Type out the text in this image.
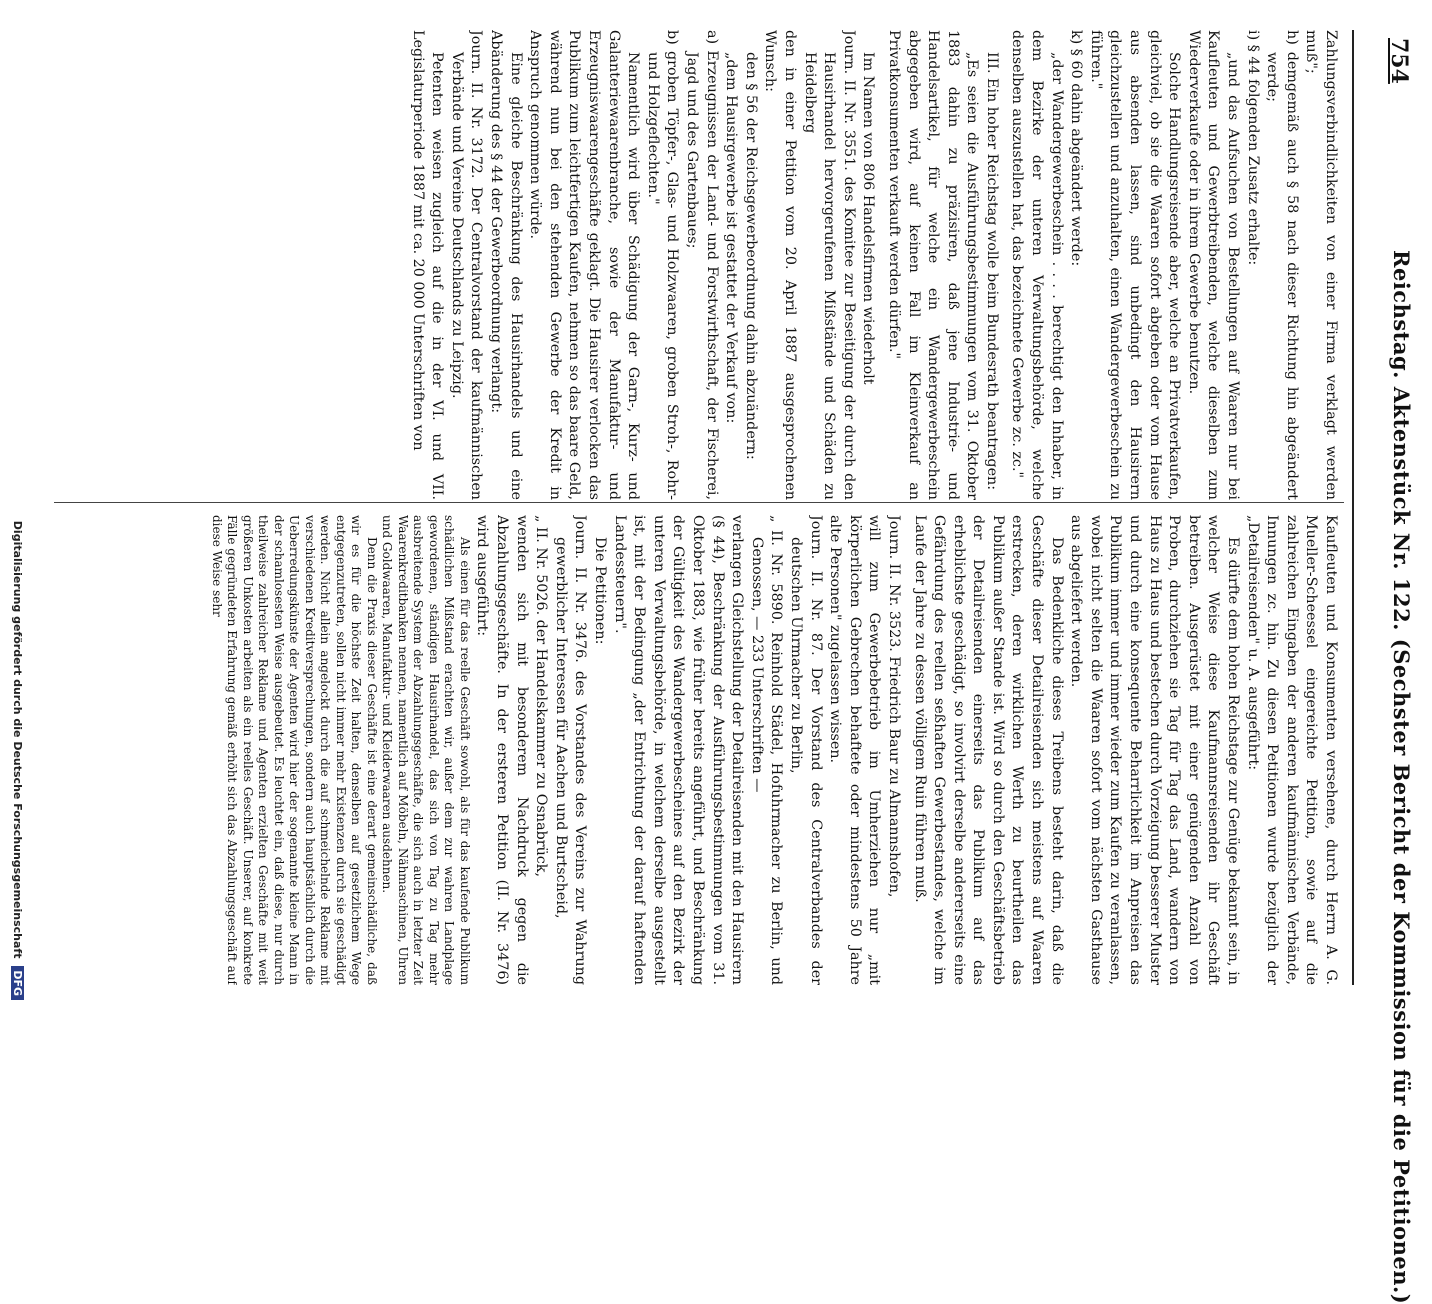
754
Reichstag. Aktenstück Nr. 122. (Sechster Bericht der Kommission für die Petitionen.)

Zahlungsverbindlichkeiten von einer Firma verklagt werden muß";

h) demgemäß auch § 58 nach dieser Richtung hin abgeändert werde;

i) § 44 folgenden Zusatz erhalte:

„und das Aufsuchen von Bestellungen auf Waaren nur bei Kaufleuten und Gewerbtreibenden, welche dieselben zum Wiederverkaufe oder in ihrem Gewerbe benutzen.

Solche Handlungsreisende aber, welche an Privatverkaufen, gleichviel, ob sie die Waaren sofort abgeben oder vom Hause aus absenden lassen, sind unbedingt den Hausirern gleichzustellen und anzuhalten, einen Wandergewerbeschein zu führen."

k) § 60 dahin abgeändert werde:

„der Wandergewerbeschein . . . . berechtigt den Inhaber, in dem Bezirke der unteren Verwaltungsbehörde, welche denselben auszustellen hat, das bezeichnete Gewerbe zc. zc."

III. Ein hoher Reichstag wolle beim Bundesrath beantragen:

„Es seien die Ausführungsbestimmungen vom 31. Oktober 1883 dahin zu präzisiren, daß jene Industrie- und Handelsartikel, für welche ein Wandergewerbeschein abgegeben wird, auf keinen Fall im Kleinverkauf an Privatkonsumenten verkauft werden dürfen."

Im Namen von 806 Handelsfirmen wiederholt

Journ. II. Nr. 3551. des Komitee zur Beseitigung der durch den Hausirhandel hervorgerufenen Mißstände und Schäden zu Heidelberg

den in einer Petition vom 20. April 1887 ausgesprochenen Wunsch:

den § 56 der Reichsgewerbeordnung dahin abzuändern:

„dem Hausirgewerbe ist gestattet der Verkauf von:

a) Erzeugnissen der Land- und Forstwirthschaft, der Fischerei, Jagd und des Gartenbaues;

b) groben Töpfer-, Glas- und Holzwaaren, groben Stroh-, Rohr- und Holzgeflechten."

Namentlich wird über Schädigung der Garn-, Kurz- und Galanteriewaarenbranche, sowie der Manufaktur- und Erzeugniswaarengeschäfte geklagt. Die Hausirer verlocken das Publikum zum leichtfertigen Kaufen, nehmen so das baare Geld, während nun bei den stehenden Gewerbe der Kredit in Anspruch genommen würde.

Eine gleiche Beschränkung des Hausirhandels und eine Abänderung des § 44 der Gewerbeordnung verlangt:

Journ. II. Nr. 3172. Der Centralvorstand der kaufmännischen Verbände und Vereine Deutschlands zu Leipzig.

Petenten weisen zugleich auf die in der VI. und VII. Legislaturperiode 1887 mit ca. 20 000 Unterschriften von

Kaufleuten und Konsumenten versehene, durch Herrn A. G. Mueller-Scheessel eingereichte Petition, sowie auf die zahlreichen Eingaben der anderen kaufmännischen Verbände, Innungen zc. hin. Zu diesen Petitionen wurde bezüglich der „Detailreisenden" u. A. ausgeführt:

Es dürfte dem hohen Reichstage zur Genüge bekannt sein, in welcher Weise diese Kaufmannsreisenden ihr Geschäft betreiben. Ausgerüstet mit einer genügenden Anzahl von Proben, durchziehen sie Tag für Tag das Land, wandern von Haus zu Haus und bestechen durch Vorzeigung besserer Muster und durch eine konsequente Beharrlichkeit im Anpreisen das Publikum immer und immer wieder zum Kaufen zu veranlassen, wobei nicht selten die Waaren sofort vom nächsten Gasthause aus abgeliefert werden.

Das Bedenkliche dieses Treibens besteht darin, daß die Geschäfte dieser Detailreisenden sich meistens auf Waaren erstrecken, deren wirklichen Werth zu beurtheilen das Publikum außer Stande ist. Wird so durch den Geschäftsbetrieb der Detailreisenden einerseits das Publikum auf das erheblichste geschädigt, so involvirt derselbe andererseits eine Gefährdung des reellen seßhaften Gewerbestandes, welche im Laufe der Jahre zu dessen völligem Ruin führen muß.

Journ. II. Nr. 3523. Friedrich Baur zu Almannshofen,

will zum Gewerbebetrieb im Umherziehen nur „mit körperlichen Gebrechen behaftete oder mindestens 50 Jahre alte Personen" zugelassen wissen.

Journ. II. Nr. 87. Der Vorstand des Centralverbandes der deutschen Uhrmacher zu Berlin,

„ II. Nr. 5890. Reinhold Städel, Hofuhrmacher zu Berlin, und Genossen, — 233 Unterschriften —

verlangen Gleichstellung der Detailreisenden mit den Hausirern (§ 44), Beschränkung der Ausführungsbestimmungen vom 31. Oktober 1883, wie früher bereits angeführt, und Beschränkung der Gültigkeit des Wandergewerbescheines auf den Bezirk der unteren Verwaltungsbehörde, in welchem derselbe ausgestellt ist, mit der Bedingung „der Entrichtung der darauf haftenden Landessteuern".

Die Petitionen:

Journ. II. Nr. 3476. des Vorstandes des Vereins zur Wahrung gewerblicher Interessen für Aachen und Burtscheid,

„ II. Nr. 5026. der Handelskammer zu Osnabrück,

wenden sich mit besonderem Nachdruck gegen die Abzahlungsgeschäfte. In der ersteren Petition (II. Nr. 3476) wird ausgeführt:

Als einen für das reelle Geschäft sowohl, als für das kaufende Publikum schädlichen Mißstand erachten wir, außer dem zur wahren Landplage gewordenen, ständigen Hausirhandel, das sich von Tag zu Tag mehr ausbreitende System der Abzahlungsgeschäfte, die sich auch in letzter Zeit Waarenkreditbanken nennen, namentlich auf Möbeln, Nähmaschinen, Uhren und Goldwaaren, Manufaktur- und Kleiderwaaren ausdehnen.

Denn die Praxis dieser Geschäfte ist eine derart gemeinschädliche, daß wir es für die höchste Zeit halten, denselben auf gesetzlichem Wege entgegenzutreten, sollen nicht immer mehr Existenzen durch sie geschädigt werden. Nicht allein angelockt durch die auf schmeichelnde Reklame mit verschiedenen Kreditversprechungen, sondern auch hauptsächlich durch die Ueberredungskünste der Agenten wird hier der sogenannte kleine Mann in der schamlosesten Weise ausgebeutet. Es leuchtet ein, daß diese, nur durch theilweise zahlreicher Reklame und Agenten erzielten Geschäfte mit weit größeren Unkosten arbeiten als ein reelles Geschäft. Unserer, auf konkrete Fälle gegründeten Erfahrung gemäß erhöht sich das Abzahlungsgeschäft auf diese Weise sehr

Digitalisierung gefördert durch die Deutsche Forschungsgemeinschaft DFG
